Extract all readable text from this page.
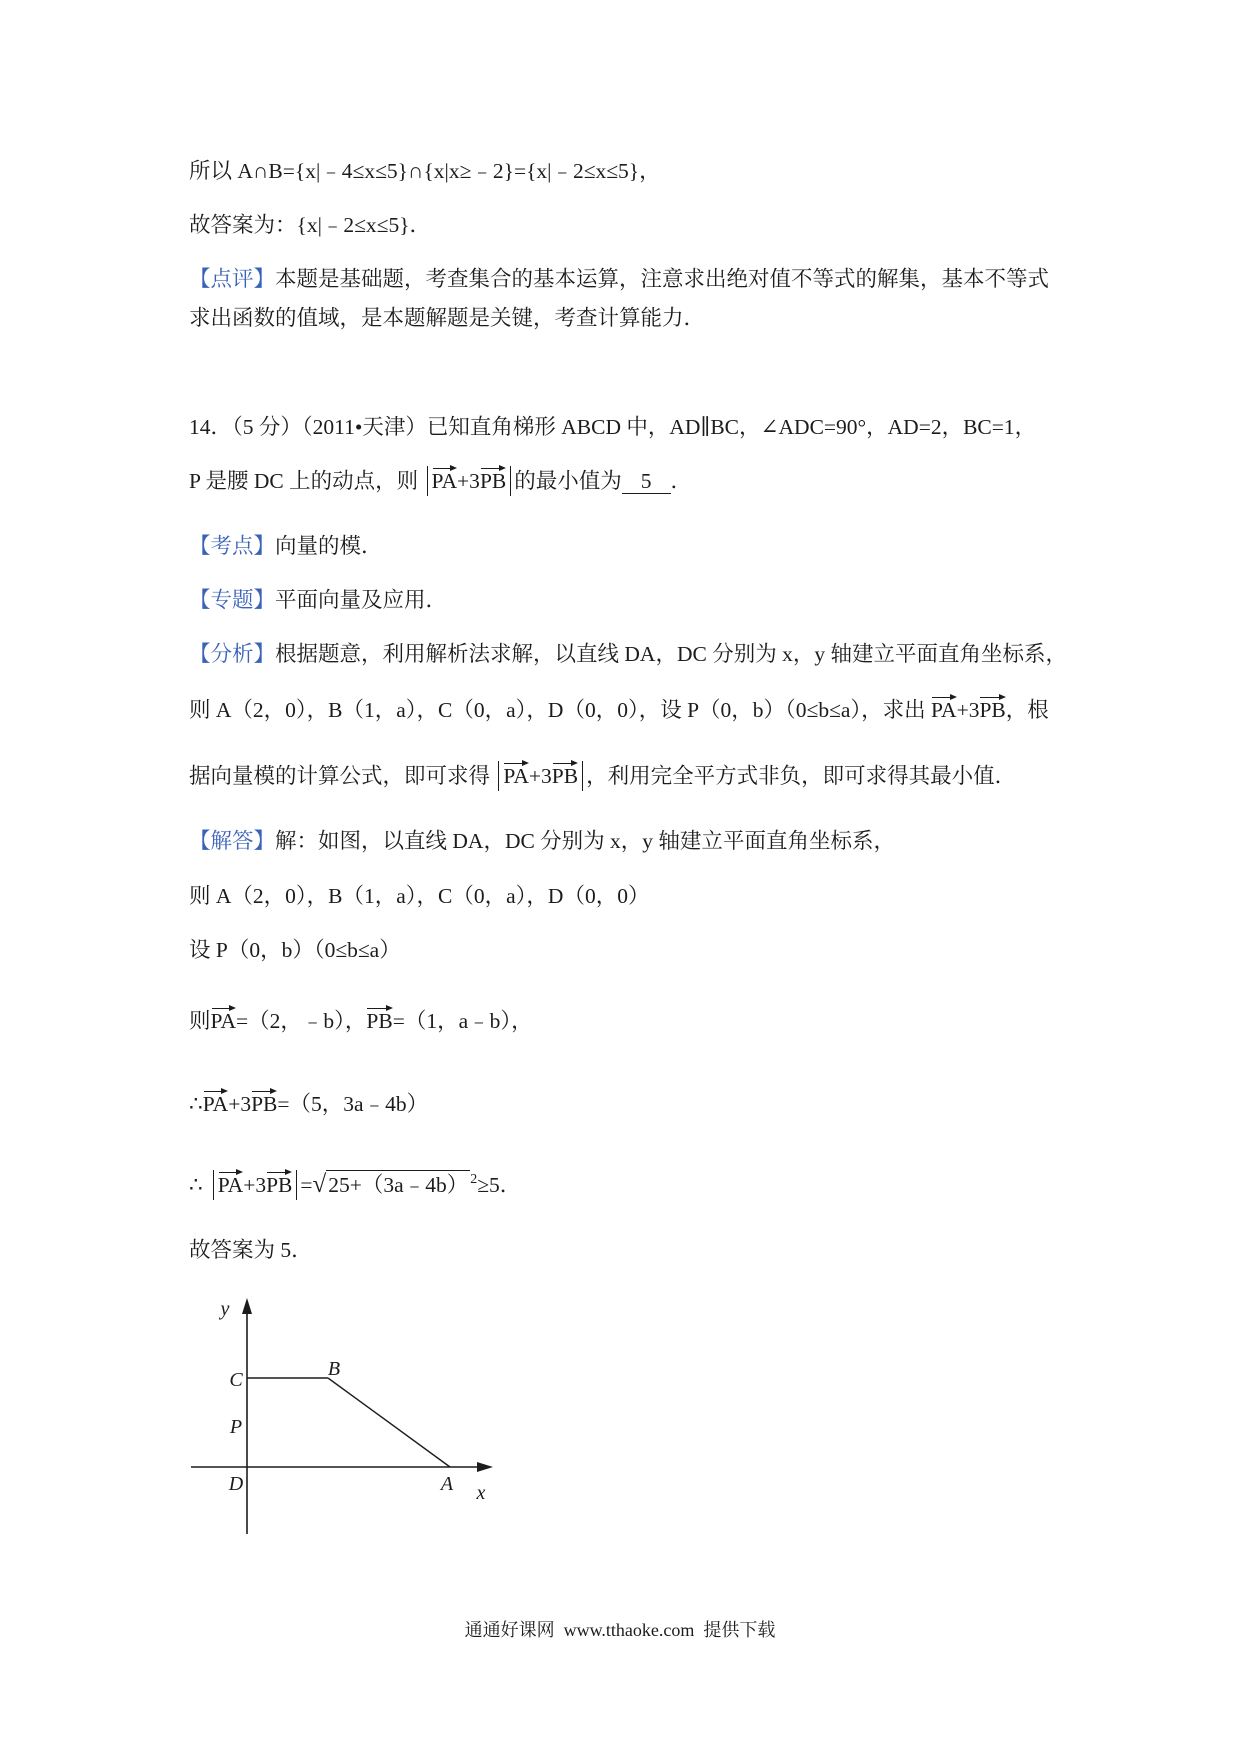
所以 A∩B={x|﹣4≤x≤5}∩{x|x≥﹣2}={x|﹣2≤x≤5}，
故答案为：{x|﹣2≤x≤5}．
【点评】本题是基础题，考查集合的基本运算，注意求出绝对值不等式的解集，基本不等式
求出函数的值域，是本题解题是关键，考查计算能力．
14．（5 分）（2011•天津）已知直角梯形 ABCD 中，AD∥BC，∠ADC=90°，AD=2，BC=1，
P 是腰 DC 上的动点，则 PA+3PB 的最小值为 5 ．
【考点】向量的模．
【专题】平面向量及应用．
【分析】根据题意，利用解析法求解，以直线 DA，DC 分别为 x，y 轴建立平面直角坐标系，
则 A（2，0），B（1，a），C（0，a），D（0，0），设 P（0，b）（0≤b≤a），求出 PA+3PB，根
据向量模的计算公式，即可求得 PA+3PB ，利用完全平方式非负，即可求得其最小值．
【解答】解：如图，以直线 DA，DC 分别为 x，y 轴建立平面直角坐标系，
则 A（2，0），B（1，a），C（0，a），D（0，0）
设 P（0，b）（0≤b≤a）
则PA=（2，﹣b），PB=（1，a﹣b），
∴PA+3PB=（5，3a﹣4b）
∴ PA+3PB =√25+（3a﹣4b） $^2$≥5．
故答案为 5．
y
C	B
P
D	A x
通通好课网  www.tthaoke.com  提供下载
